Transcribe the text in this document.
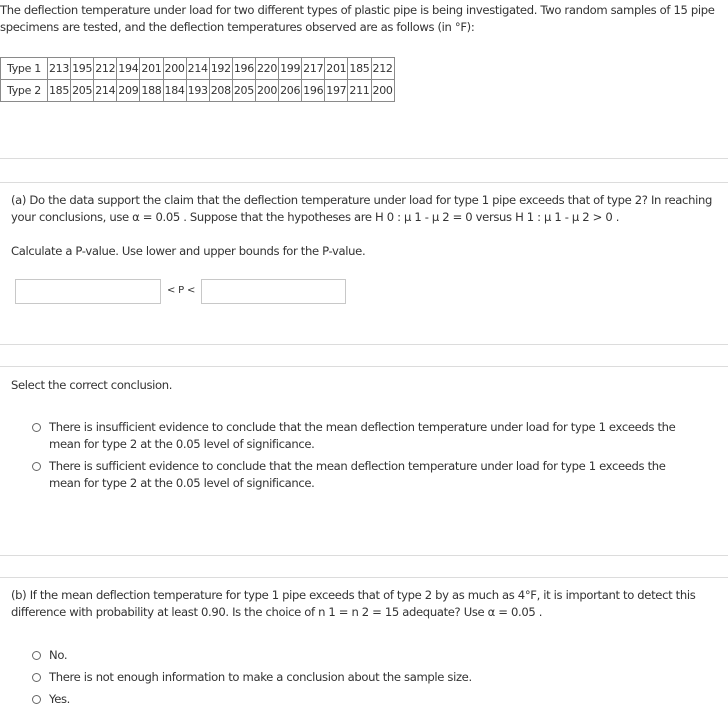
The deflection temperature under load for two different types of plastic pipe is being investigated. Two random samples of 15 pipe specimens are tested, and the deflection temperatures observed are as follows (in °F):
Type 1	213	195	212	194	201	200	214	192	196	220	199	217	201	185	212
Type 2	185	205	214	209	188	184	193	208	205	200	206	196	197	211	200
(a) Do the data support the claim that the deflection temperature under load for type 1 pipe exceeds that of type 2? In reaching your conclusions, use α = 0.05 . Suppose that the hypotheses are H 0 : μ 1 - μ 2 = 0 versus H 1 : μ 1 - μ 2 > 0 .
Calculate a P-value. Use lower and upper bounds for the P-value.
< P <
Select the correct conclusion.
There is insufficient evidence to conclude that the mean deflection temperature under load for type 1 exceeds the mean for type 2 at the 0.05 level of significance.
There is sufficient evidence to conclude that the mean deflection temperature under load for type 1 exceeds the mean for type 2 at the 0.05 level of significance.
(b) If the mean deflection temperature for type 1 pipe exceeds that of type 2 by as much as 4°F, it is important to detect this difference with probability at least 0.90. Is the choice of n 1 = n 2 = 15 adequate? Use α = 0.05 .
No.
There is not enough information to make a conclusion about the sample size.
Yes.
